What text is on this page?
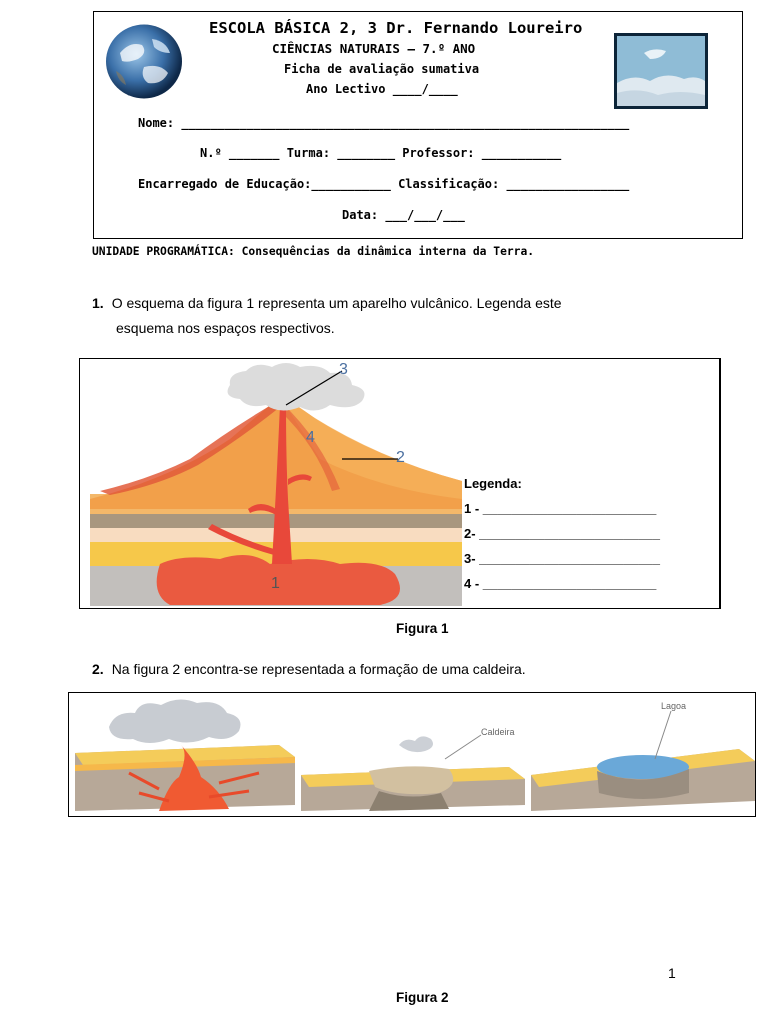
ESCOLA BÁSICA 2, 3 Dr. Fernando Loureiro
CIÊNCIAS NATURAIS – 7.º ANO
Ficha de avaliação sumativa
Ano Lectivo ____/____
Nome: ______________________________________________________________
N.º _______ Turma: ________ Professor: ___________
Encarregado de Educação:___________ Classificação: _________________
Data: ___/___/___
UNIDADE PROGRAMÁTICA: Consequências da dinâmica interna da Terra.
1. O esquema da figura 1 representa um aparelho vulcânico. Legenda este
esquema nos espaços respectivos.
3
4
2
1
Legenda:
1 - ________________________
2- _________________________
3- _________________________
4 - ________________________
Figura 1
2. Na figura 2 encontra-se representada a formação de uma caldeira.
Caldeira
Lagoa
1
Figura 2
